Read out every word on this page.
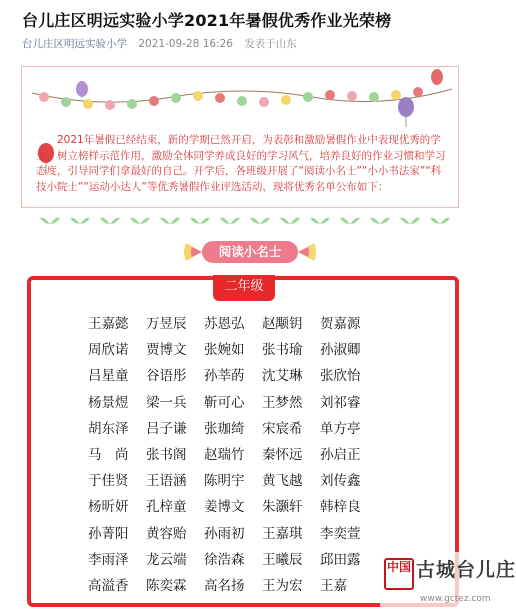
台儿庄区明远实验小学2021年暑假优秀作业光荣榜
台儿庄区明远实验小学 2021-09-28 16:26 发表于山东
2021年暑假已经结束，新的学期已然开启，为表彰和激励暑假作业中表现优秀的学生，树立榜样示范作用，激励全体同学养成良好的学习风气，培养良好的作业习惯和学习态度，引导同学们拿最好的自己。开学后，各班级开展了“阅读小名士”“小小书法家”“科技小院士”“运动小达人”等优秀暑假作业评选活动，现将优秀名单公布如下：
阅读小名士
二年级
王嘉懿	万昱辰	苏恩弘	赵颙钥	贺嘉源
周欣诺	贾博文	张婉如	张书瑜	孙淑卿
吕星童	谷语彤	孙莘菂	沈艾琳	张欣怡
杨景煜	梁一兵	靳可心	王梦然	刘祁睿
胡东泽	吕子谦	张珈绮	宋宸希	单方亭
马　尚	张书阁	赵瑞竹	秦怀远	孙启正
于佳贤	王语涵	陈明宇	黄飞越	刘传鑫
杨昕妍	孔梓童	姜博文	朱灏轩	韩梓良
孙菁阳	黄容贻	孙雨初	王嘉琪	李奕萱
李雨泽	龙云端	徐浩森	王曦辰	邱田露
高溢香	陈奕霖	高名扬	王为宏	王嘉
中国 古城台儿庄
www.gctez.com
